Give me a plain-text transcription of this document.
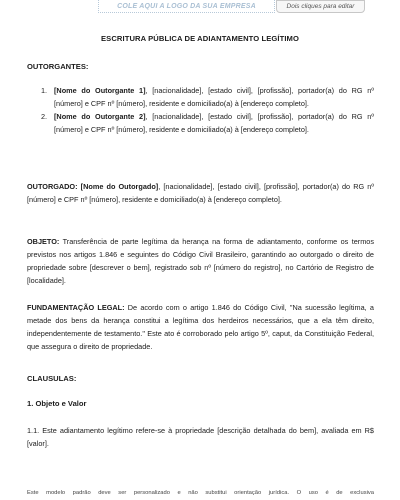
COLE AQUI A LOGO DA SUA EMPRESA	Dois cliques para editar
ESCRITURA PÚBLICA DE ADIANTAMENTO LEGÍTIMO

OUTORGANTES:

1. [Nome do Outorgante 1], [nacionalidade], [estado civil], [profissão], portador(a) do RG nº [número] e CPF nº [número], residente e domiciliado(a) à [endereço completo].
2. [Nome do Outorgante 2], [nacionalidade], [estado civil], [profissão], portador(a) do RG nº [número] e CPF nº [número], residente e domiciliado(a) à [endereço completo].

OUTORGADO: [Nome do Outorgado], [nacionalidade], [estado civil], [profissão], portador(a) do RG nº [número] e CPF nº [número], residente e domiciliado(a) à [endereço completo].

OBJETO: Transferência de parte legítima da herança na forma de adiantamento, conforme os termos previstos nos artigos 1.846 e seguintes do Código Civil Brasileiro, garantindo ao outorgado o direito de propriedade sobre [descrever o bem], registrado sob nº [número do registro], no Cartório de Registro de [localidade].

FUNDAMENTAÇÃO LEGAL: De acordo com o artigo 1.846 do Código Civil, "Na sucessão legítima, a metade dos bens da herança constitui a legítima dos herdeiros necessários, que a ela têm direito, independentemente de testamento." Este ato é corroborado pelo artigo 5º, caput, da Constituição Federal, que assegura o direito de propriedade.

CLAUSULAS:

1. Objeto e Valor

1.1. Este adiantamento legítimo refere-se à propriedade [descrição detalhada do bem], avaliada em R$ [valor].

Este modelo padrão deve ser personalizado e não substitui orientação jurídica. O uso é de exclusiva
